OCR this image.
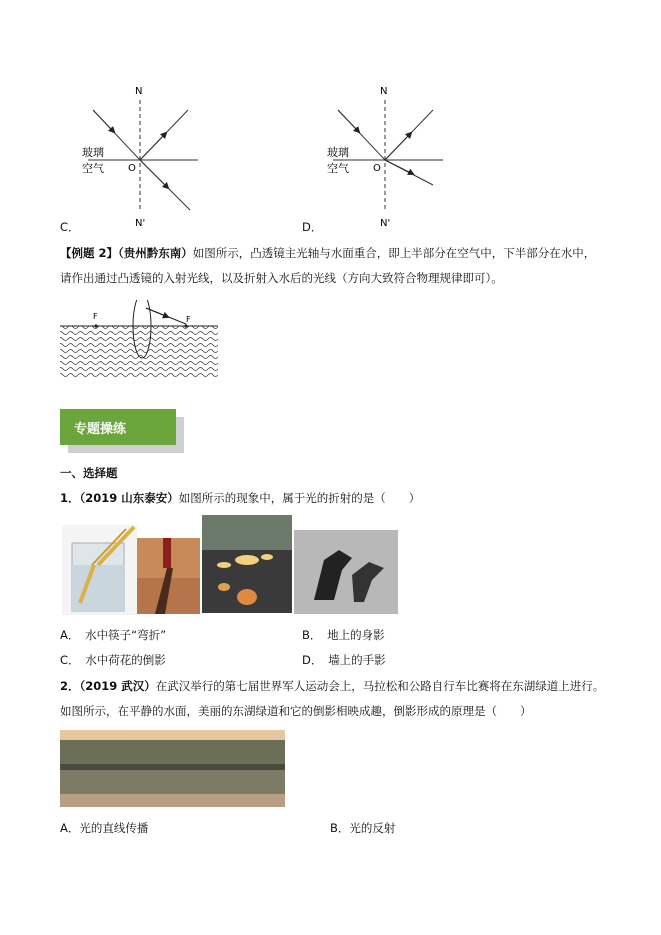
N
N'
O
玻璃
空气
C．
N
N'
O
玻璃
空气
D．
【例题 2】（贵州黔东南）如图所示，凸透镜主光轴与水面重合，即上半部分在空气中，下半部分在水中，
请作出通过凸透镜的入射光线，以及折射入水后的光线（方向大致符合物理规律即可）。
F	F
专题操练
一、选择题
1．（2019 山东泰安）如图所示的现象中，属于光的折射的是（　　）
A．　水中筷子“弯折”	B．　地上的身影
C．　水中荷花的倒影	D．　墙上的手影
2．（2019 武汉）在武汉举行的第七届世界军人运动会上，马拉松和公路自行车比赛将在东湖绿道上进行。
如图所示，在平静的水面，美丽的东湖绿道和它的倒影相映成趣，倒影形成的原理是（　　）
A．光的直线传播	B．光的反射
